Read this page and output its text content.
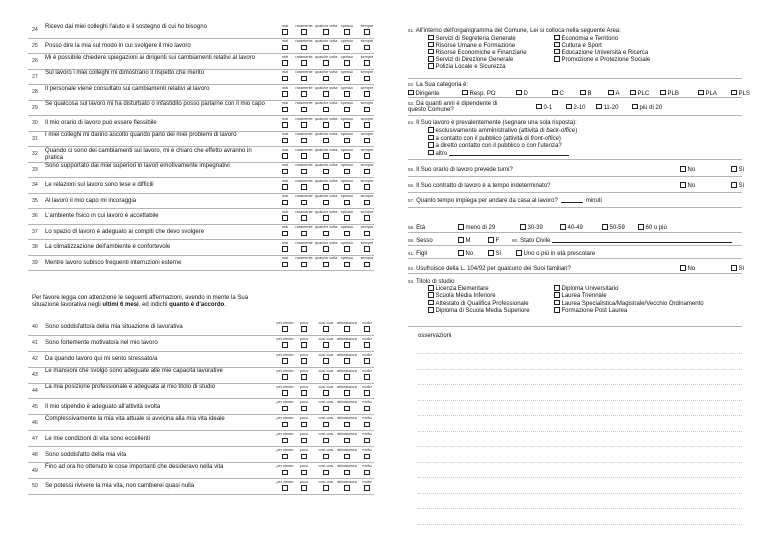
24
Ricevo dai miei colleghi l'aiuto e il sostegno di cui ho bisogno	mai	raramente qualche volta spesso	sempre
25 Posso dire la mia sul modo in cui svolgere il mio lavoro
mai	raramente qualche volta spesso	sempre
26
Mi è possibile chiedere spiegazioni ai dirigenti sui cambiamenti relativi al lavoro	mai	raramente qualche volta spesso	sempre
27
Sul lavoro i miei colleghi mi dimostrano il rispetto che merito	mai	raramente qualche volta spesso	sempre
28
Il personale viene consultato sui cambiamenti relativi al lavoro	mai	raramente qualche volta spesso	sempre
29
Se qualcosa sul lavoro mi ha disturbato o infastidito posso parlarne con il mio capo	mai	raramente qualche volta spesso	sempre
30 Il mio orario di lavoro può essere flessibile
mai	raramente qualche volta spesso	sempre
31
I miei colleghi mi danno ascolto quando parlo dei miei problemi di lavoro	mai	raramente qualche volta spesso	sempre
32
Quando ci sono dei cambiamenti sul lavoro, mi è chiaro che effetto avranno in pratica
mai	raramente qualche volta spesso	sempre
33
Sono supportato dai miei superiori in lavori emotivamente impegnativi	mai	raramente qualche volta spesso	sempre
34 Le relazioni sul lavoro sono tese e difficili
mai	raramente qualche volta spesso	sempre
35 Al lavoro il mio capo mi incoraggia
mai	raramente qualche volta spesso	sempre
36 L'ambiente fisico in cui lavoro è accettabile
mai	raramente qualche volta spesso	sempre
37 Lo spazio di lavoro è adeguato ai compiti che devo svolgere
mai	raramente qualche volta spesso	sempre
38 La climatizzazione dell'ambiente è confortevole
mai	raramente qualche volta spesso	sempre
39 Mentre lavoro subisco frequenti interruzioni esterne
mai	raramente qualche volta spesso	sempre
Per favore legga con attenzione le seguenti affermazioni, avendo in mente la Sua situazione lavorativa negli ultimi 6 mesi, ed indichi quanto è d'accordo.
40 Sono soddisfatto/a della mia situazione di lavorativa
per niente	poco	così così abbastanza	molto
41 Sono fortemente motivato/a nel mio lavoro
per niente	poco	così così abbastanza	molto
42 Da quando lavoro qui mi sento stressato/a
per niente	poco	così così abbastanza	molto
43
Le mansioni che svolgo sono adeguate alle mie capacità lavorative	per niente	poco	così così abbastanza	molto
44
La mia posizione professionale è adeguata al mio titolo di studio	per niente	poco	così così abbastanza	molto
45 Il mio stipendio è adeguato all'attività svolta
per niente	poco	così così abbastanza	molto
46
Complessivamente la mia vita attuale si avvicina alla mia vita ideale	per niente	poco	così così abbastanza	molto
47 Le mie condizioni di vita sono eccellenti
per niente	poco	così così abbastanza	molto
48 Sono soddisfatto della mia vita
per niente	poco	così così abbastanza	molto
49
Fino ad ora ho ottenuto le cose importanti che desideravo nella vita	per niente	poco	così così abbastanza	molto
50 Se potessi rivivere la mia vita, non cambierei quasi nulla
per niente	poco	così così abbastanza	molto
51. All'interno dell'organigramma del Comune, Lei si colloca nella seguente Area:
Servizi di Segreteria Generale
Risorse Umane e Formazione
Risorse Economiche e Finanziarie
Servizi di Direzione Generale
Polizia Locale e Sicurezza
Economia e Territorio
Cultura e Sport
Educazione Università e Ricerca
Promozione e Protezione Sociale
52. La Sua categoria è:
Dirigente	Resp. PO	D	C	B	A	PLC	PLB	PLA	PLS
53. Da quanti anni è dipendente di
questo Comune?	0-1	2-10	11-20	più di 20
54. Il Suo lavoro è prevalentemente (segnare una sola risposta):
esclusivamente amministrativo (attività di back-office)
a contatto con il pubblico (attività di front-office)
a diretto contatto con il pubblico o con l'utenza?
altro
55. Il Suo orario di lavoro prevede turni?	No	Sì
56. Il Suo contratto di lavoro è a tempo indeterminato?	No	Sì
57. Quanto tempo impiega per andare da casa al lavoro?	minuti
58. Età	meno di 29	30-39	40-49	50-59	60 o più
59. Sesso	M	F	60. Stato Civile
61. Figli	No	Sì	Uno o più in età prescolare
62. Usufruisce della L. 104/92 per qualcuno dei Suoi familiari?	No	Sì
63. Titolo di studio
Licenza Elementare
Scuola Media Inferiore
Attestato di Qualifica Professionale
Diploma di Scuola Media Superiore
Diploma Universitario
Laurea Triennale
Laurea Specialistica/Magistrale/Vecchio Ordinamento
Formazione Post Laurea
osservazioni
